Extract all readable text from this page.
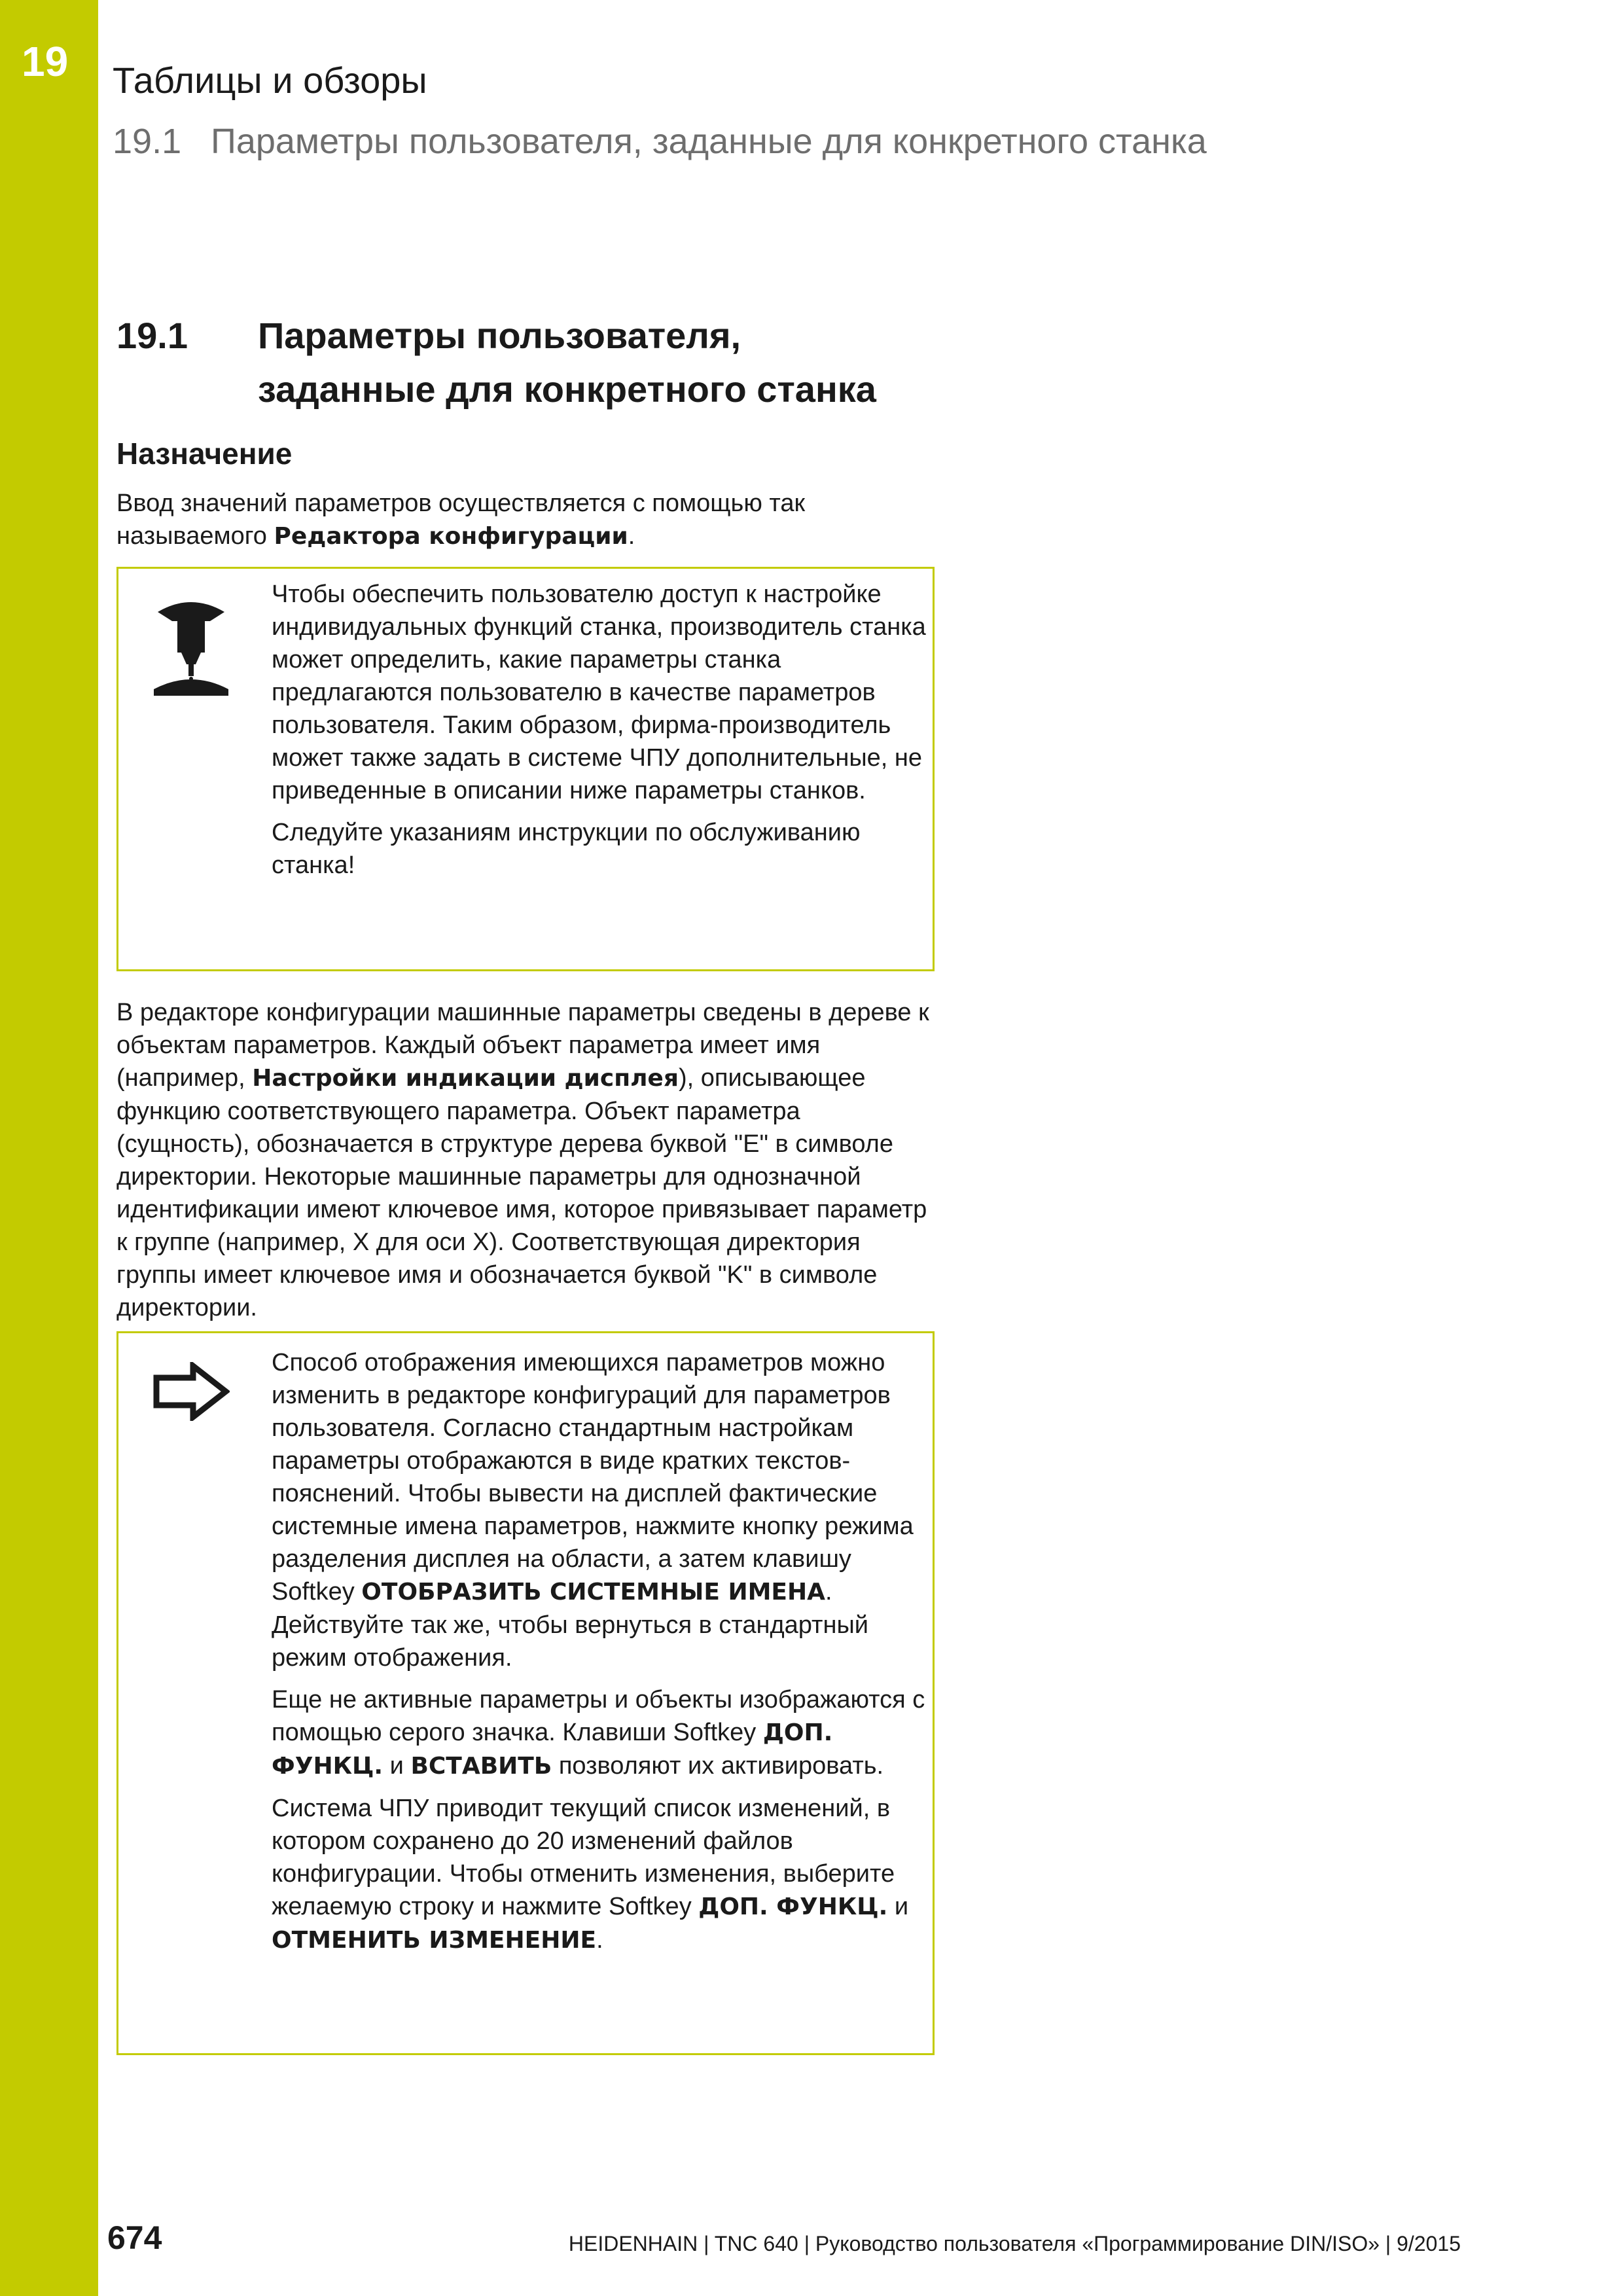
19 Таблицы и обзоры
19.1 Параметры пользователя, заданные для конкретного станка
19.1 Параметры пользователя,
заданные для конкретного станка
Назначение
Ввод значений параметров осуществляется с помощью так называемого Редактора конфигурации.

Чтобы обеспечить пользователю доступ к настройке индивидуальных функций станка, производитель станка может определить, какие параметры станка предлагаются пользователю в качестве параметров пользователя. Таким образом, фирма-производитель может также задать в системе ЧПУ дополнительные, не приведенные в описании ниже параметры станков.

Следуйте указаниям инструкции по обслуживанию станка!

В редакторе конфигурации машинные параметры сведены в дереве к объектам параметров. Каждый объект параметра имеет имя (например, Настройки индикации дисплея), описывающее функцию соответствующего параметра. Объект параметра (сущность), обозначается в структуре дерева буквой "E" в символе директории. Некоторые машинные параметры для однозначной идентификации имеют ключевое имя, которое привязывает параметр к группе (например, X для оси X). Соответствующая директория группы имеет ключевое имя и обозначается буквой "K" в символе директории.

Способ отображения имеющихся параметров можно изменить в редакторе конфигураций для параметров пользователя. Согласно стандартным настройкам параметры отображаются в виде кратких текстов-пояснений. Чтобы вывести на дисплей фактические системные имена параметров, нажмите кнопку режима разделения дисплея на области, а затем клавишу Softkey ОТОБРАЗИТЬ СИСТЕМНЫЕ ИМЕНА. Действуйте так же, чтобы вернуться в стандартный режим отображения.

Еще не активные параметры и объекты изображаются с помощью серого значка. Клавиши Softkey ДОП. ФУНКЦ. и ВСТАВИТЬ позволяют их активировать.

Система ЧПУ приводит текущий список изменений, в котором сохранено до 20 изменений файлов конфигурации. Чтобы отменить изменения, выберите желаемую строку и нажмите Softkey ДОП. ФУНКЦ. и ОТМЕНИТЬ ИЗМЕНЕНИЕ.

674	HEIDENHAIN | TNC 640 | Руководство пользователя «Программирование DIN/ISO» | 9/2015
